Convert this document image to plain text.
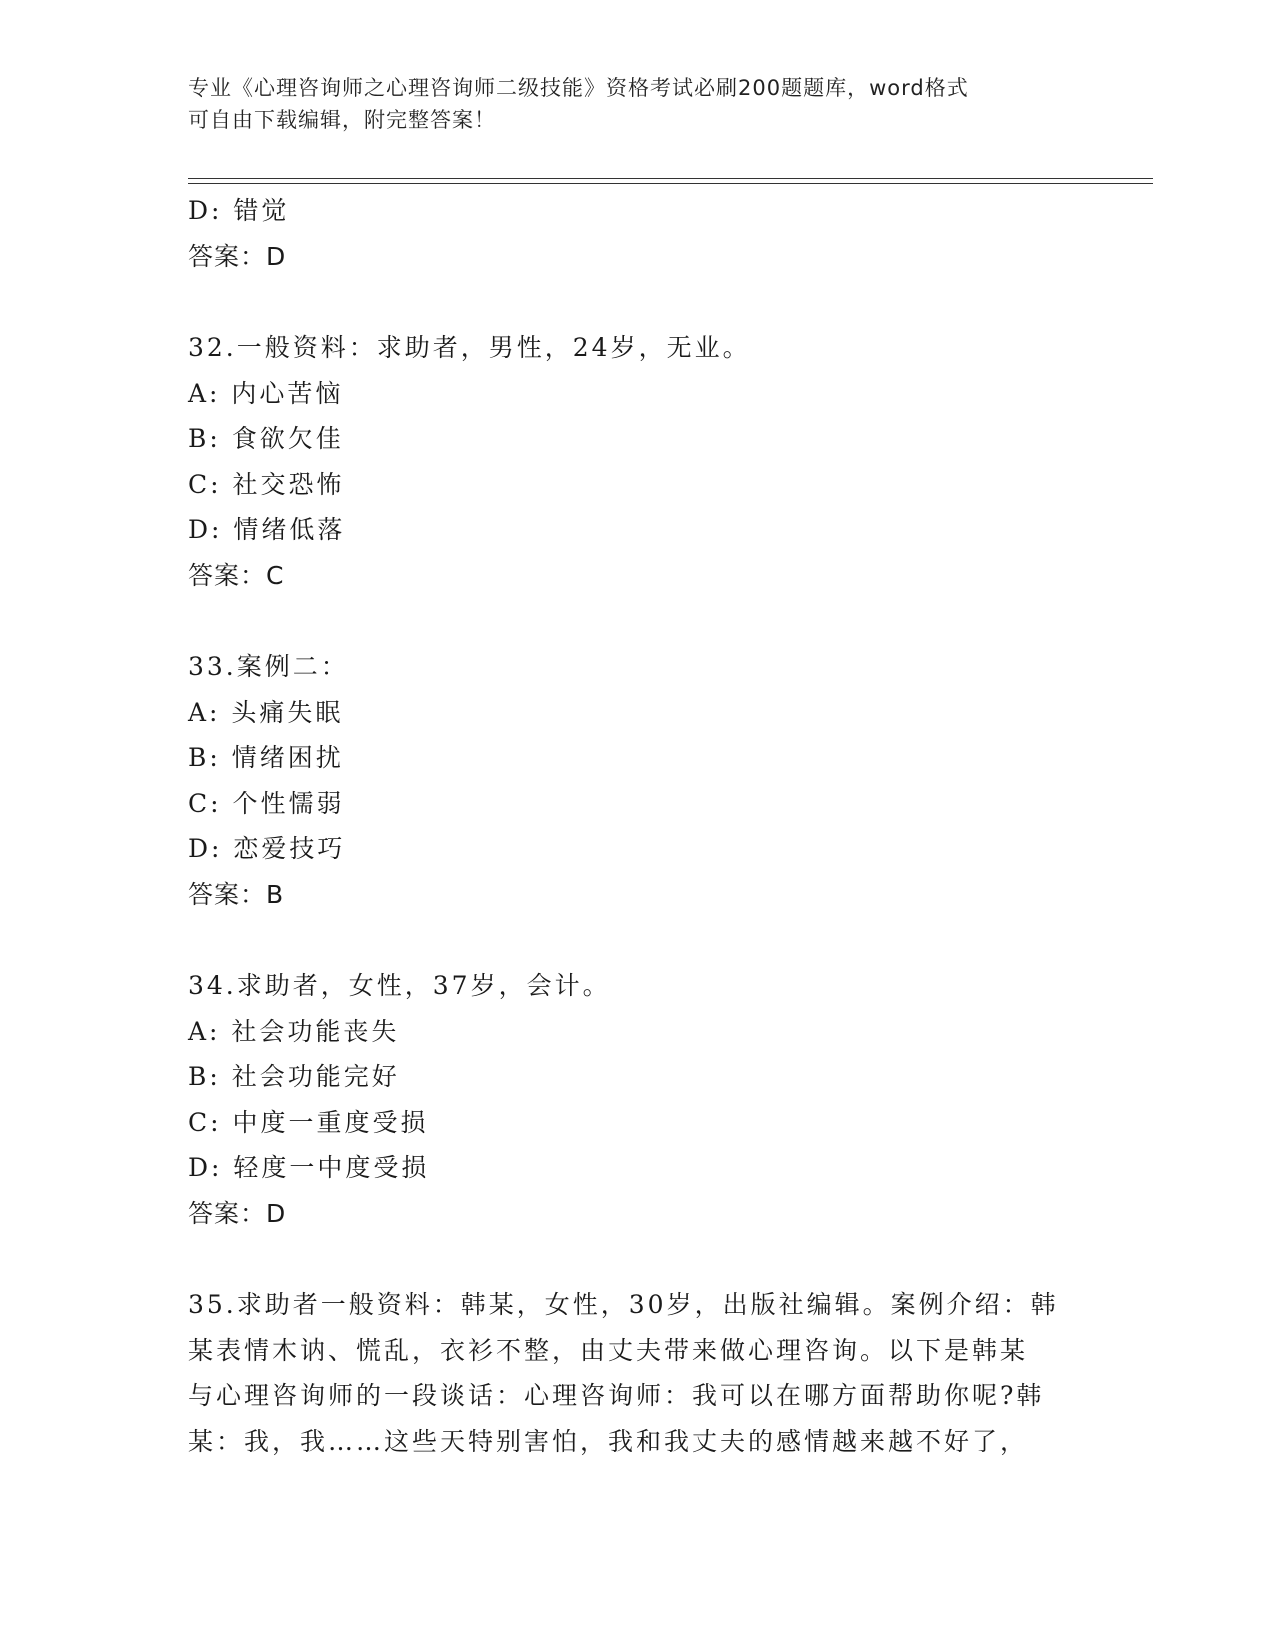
专业《心理咨询师之心理咨询师二级技能》资格考试必刷200题题库，word格式
可自由下载编辑，附完整答案！
D: 错觉
答案：D
32.一般资料：求助者，男性，24岁，无业。
A: 内心苦恼
B: 食欲欠佳
C: 社交恐怖
D: 情绪低落
答案：C
33.案例二：
A: 头痛失眠
B: 情绪困扰
C: 个性懦弱
D: 恋爱技巧
答案：B
34.求助者，女性，37岁，会计。
A: 社会功能丧失
B: 社会功能完好
C: 中度一重度受损
D: 轻度一中度受损
答案：D
35.求助者一般资料：韩某，女性，30岁，出版社编辑。案例介绍：韩
某表情木讷、慌乱，衣衫不整，由丈夫带来做心理咨询。以下是韩某
与心理咨询师的一段谈话：心理咨询师：我可以在哪方面帮助你呢?韩
某：我，我……这些天特别害怕，我和我丈夫的感情越来越不好了，
